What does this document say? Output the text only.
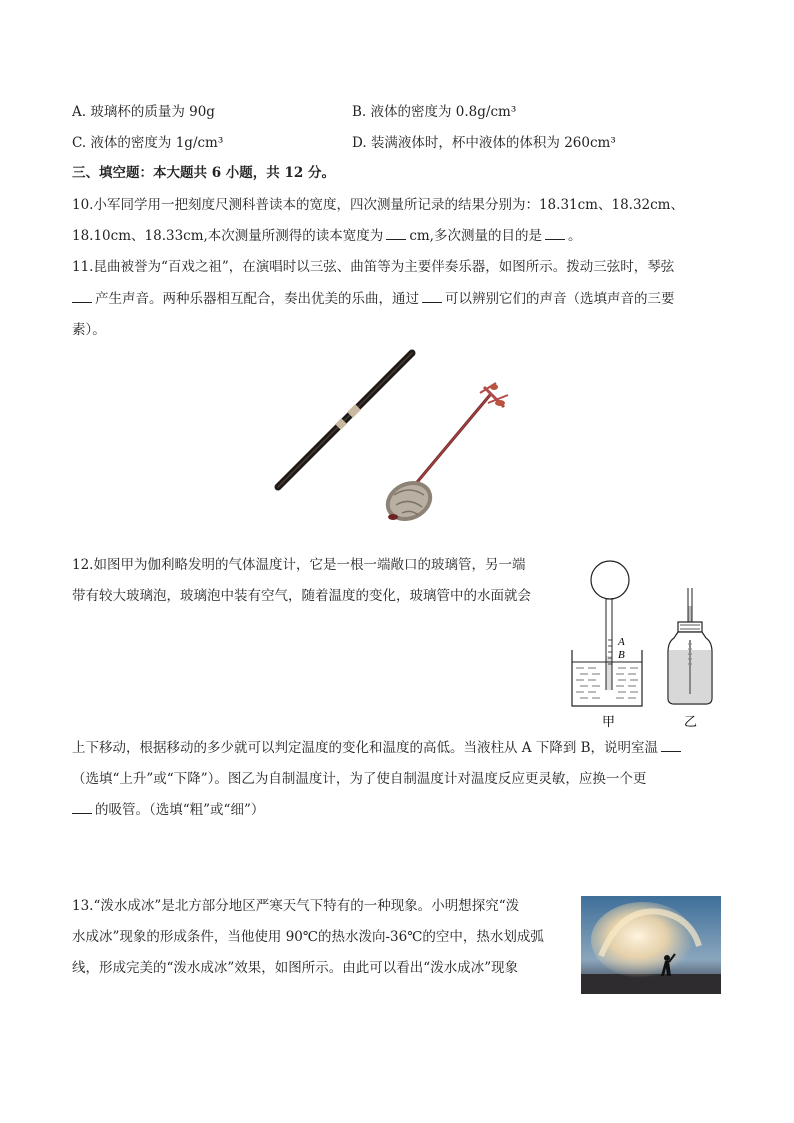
A. 玻璃杯的质量为 90g	B. 液体的密度为 0.8g/cm³
C. 液体的密度为 1g/cm³	D. 装满液体时，杯中液体的体积为 260cm³
三、填空题：本大题共 6 小题，共 12 分。
10.小军同学用一把刻度尺测科普读本的宽度，四次测量所记录的结果分别为：18.31cm、18.32cm、
18.10cm、18.33cm,本次测量所测得的读本宽度为 cm,多次测量的目的是 。
11.昆曲被誉为“百戏之祖”，在演唱时以三弦、曲笛等为主要伴奏乐器，如图所示。拨动三弦时，琴弦
产生声音。两种乐器相互配合，奏出优美的乐曲，通过 可以辨别它们的声音（选填声音的三要
素）。
12.如图甲为伽利略发明的气体温度计，它是一根一端敞口的玻璃管，另一端
带有较大玻璃泡，玻璃泡中装有空气，随着温度的变化，玻璃管中的水面就会
A
B
甲	乙
上下移动，根据移动的多少就可以判定温度的变化和温度的高低。当液柱从 A 下降到 B，说明室温
（选填“上升”或“下降”）。图乙为自制温度计，为了使自制温度计对温度反应更灵敏，应换一个更
的吸管。（选填“粗”或“细”）
13.“泼水成冰”是北方部分地区严寒天气下特有的一种现象。小明想探究“泼
水成冰”现象的形成条件，当他使用 90℃的热水泼向-36℃的空中，热水划成弧
线，形成完美的“泼水成冰”效果，如图所示。由此可以看出“泼水成冰”现象
